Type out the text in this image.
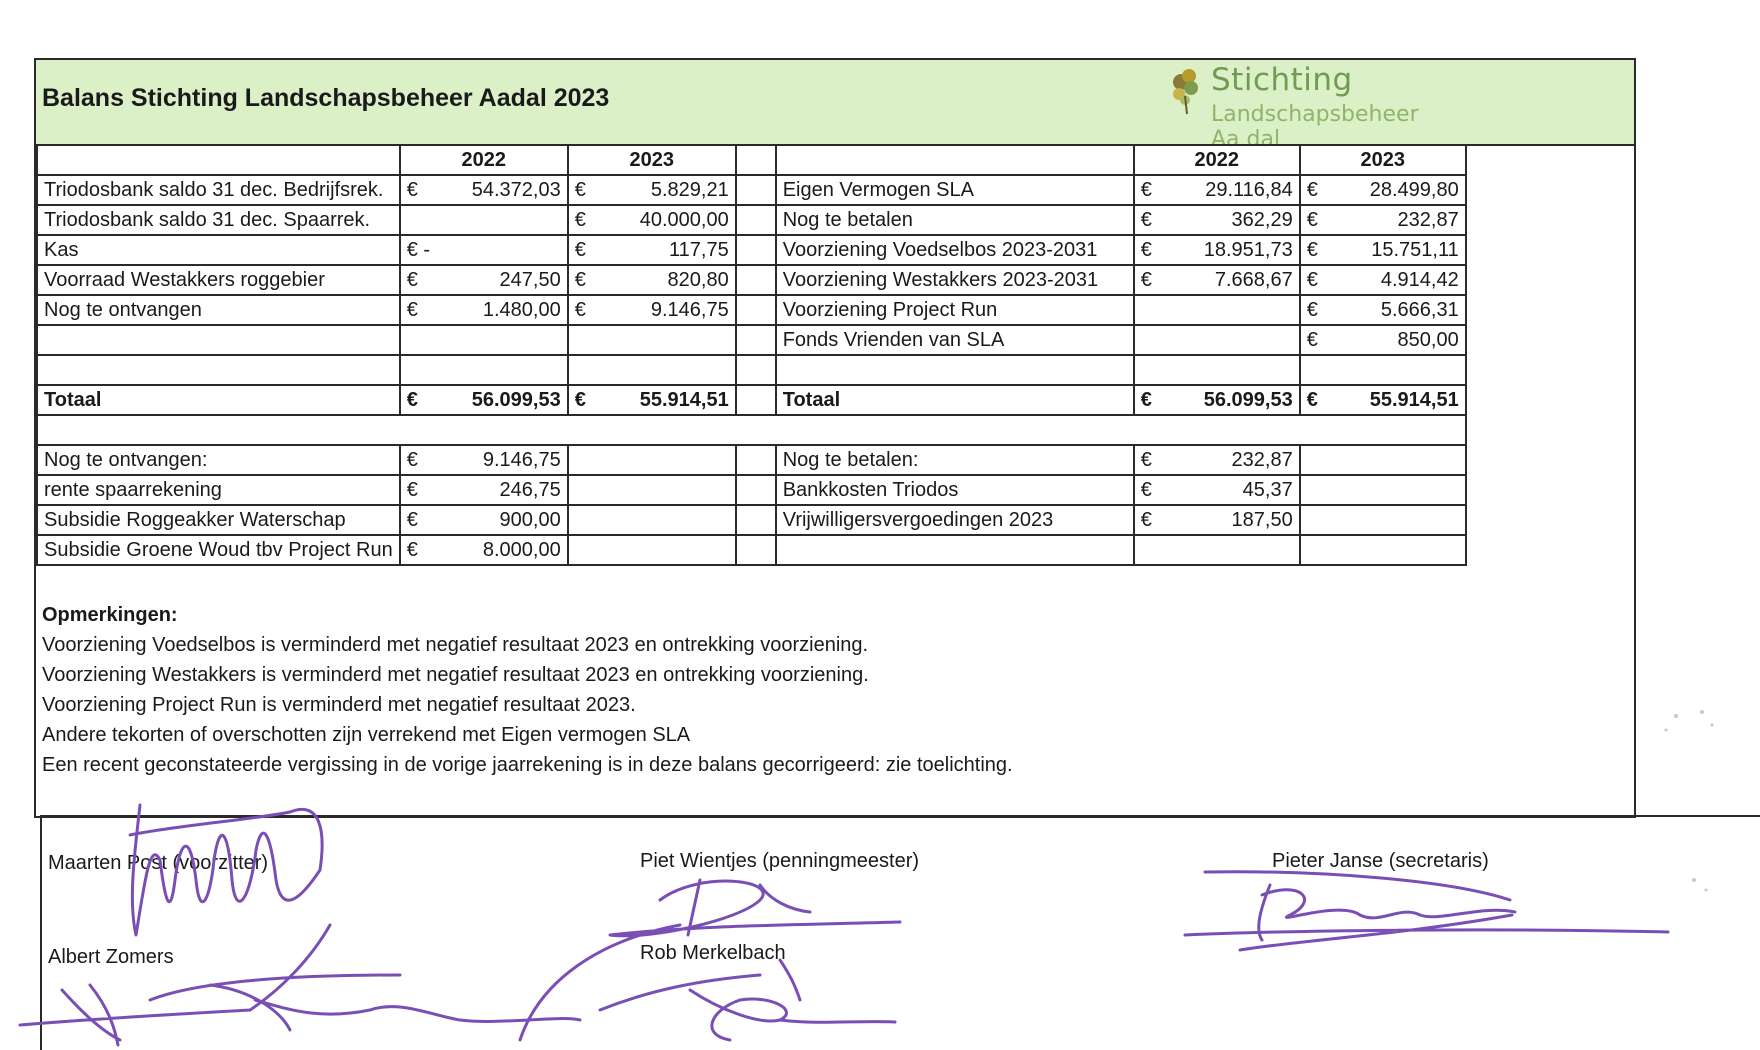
Balans Stichting Landschapsbeheer Aadal 2023	Stichting
Landschapsbeheer Aa dal
	2022	2023			2022	2023
Triodosbank saldo 31 dec. Bedrijfsrek.	€ 54.372,03	€ 5.829,21		Eigen Vermogen SLA	€ 29.116,84	€ 28.499,80
Triodosbank saldo 31 dec. Spaarrek.		€ 40.000,00		Nog te betalen	€ 362,29	€ 232,87
Kas	€ -	€ 117,75		Voorziening Voedselbos 2023-2031	€ 18.951,73	€ 15.751,11
Voorraad Westakkers roggebier	€ 247,50	€ 820,80		Voorziening Westakkers 2023-2031	€ 7.668,67	€ 4.914,42
Nog te ontvangen	€ 1.480,00	€ 9.146,75		Voorziening Project Run		€ 5.666,31
				Fonds Vrienden van SLA		€ 850,00

Totaal	€ 56.099,53	€ 55.914,51		Totaal	€ 56.099,53	€ 55.914,51

Nog te ontvangen:	€ 9.146,75			Nog te betalen:	€ 232,87	
rente spaarrekening	€ 246,75			Bankkosten Triodos	€ 45,37	
Subsidie Roggeakker Waterschap	€ 900,00			Vrijwilligersvergoedingen 2023	€ 187,50	
Subsidie Groene Woud tbv Project Run	€ 8.000,00					
Opmerkingen:
Voorziening Voedselbos is verminderd met negatief resultaat 2023 en ontrekking voorziening.
Voorziening Westakkers is verminderd met negatief resultaat 2023 en ontrekking voorziening.
Voorziening Project Run is verminderd met negatief resultaat 2023.
Andere tekorten of overschotten zijn verrekend met Eigen vermogen SLA
Een recent geconstateerde vergissing in de vorige jaarrekening is in deze balans gecorrigeerd: zie toelichting.
Maarten Post (voorzitter)	Piet Wientjes (penningmeester)	Pieter Janse (secretaris)
Albert Zomers	Rob Merkelbach
